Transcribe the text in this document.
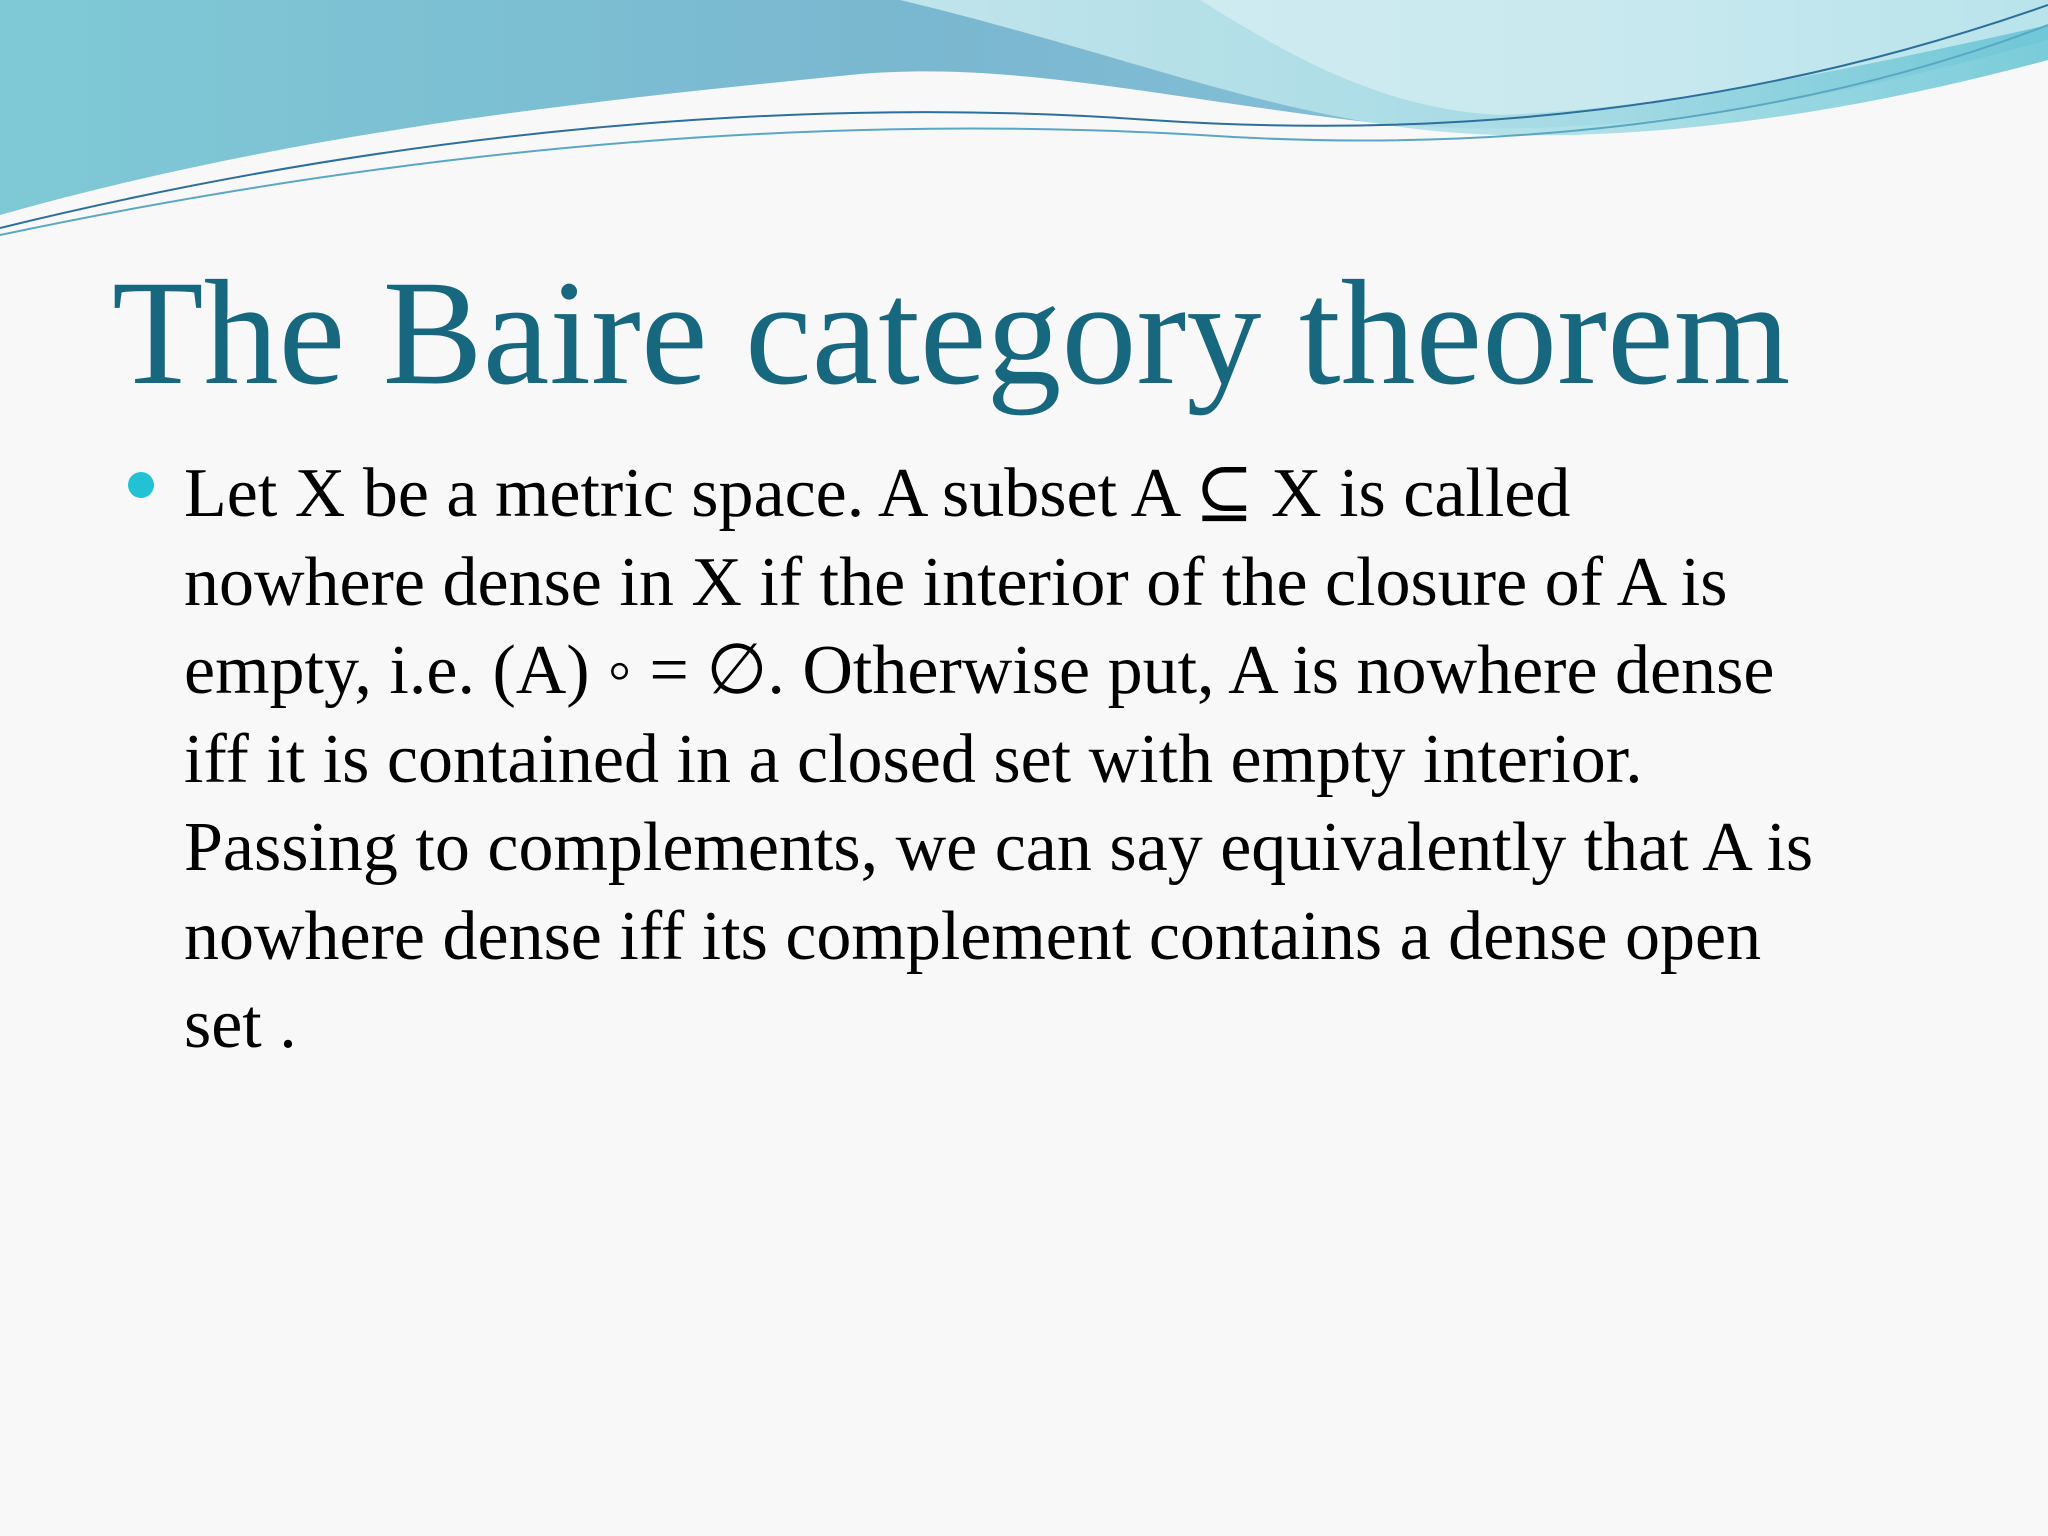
The Baire category theorem
Let X be a metric space. A subset A ⊆ X is called
nowhere dense in X if the interior of the closure of A is
empty, i.e. (A) ◦ = ∅. Otherwise put, A is nowhere dense
iff it is contained in a closed set with empty interior.
Passing to complements, we can say equivalently that A is
nowhere dense iff its complement contains a dense open
set .
